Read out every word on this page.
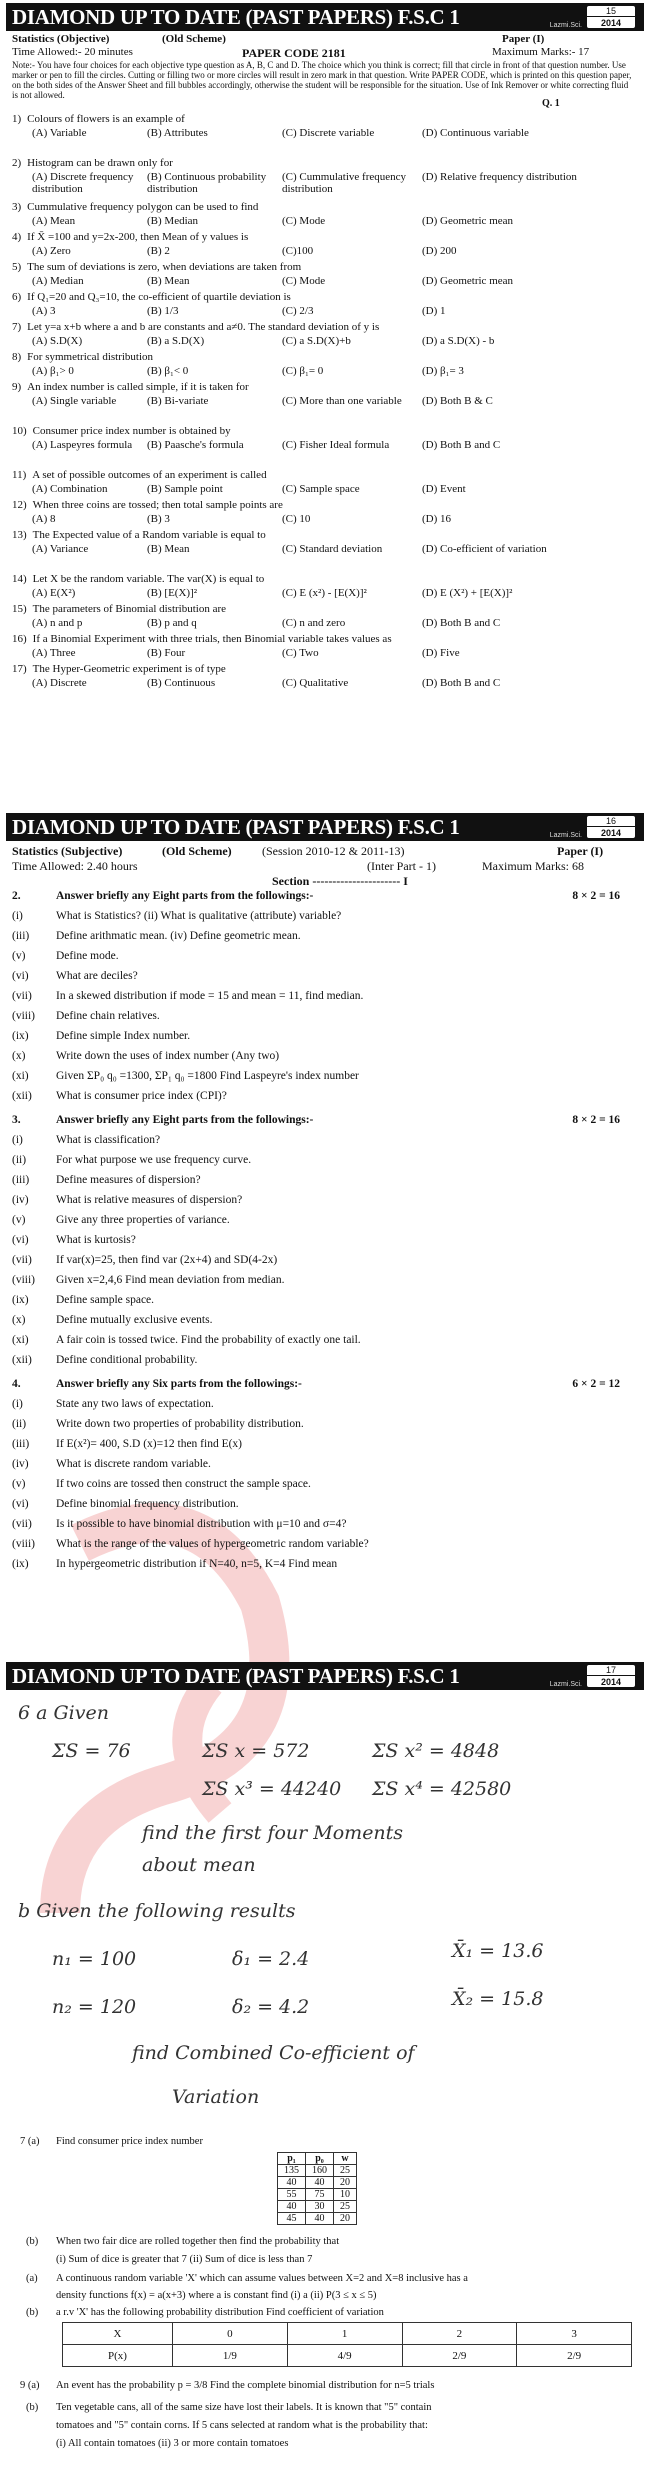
DIAMOND UP TO DATE (PAST PAPERS) F.S.C 1	Lazmi.Sci.
15
2014
Statistics (Objective)	(Old Scheme)	Paper (I)
Time Allowed:- 20 minutes	PAPER CODE 2181	Maximum Marks:- 17
Note:- You have four choices for each objective type question as A, B, C and D. The choice which you think is correct; fill that circle in front of that question number. Use marker or pen to fill the circles. Cutting or filling two or more circles will result in zero mark in that question. Write PAPER CODE, which is printed on this question paper, on the both sides of the Answer Sheet and fill bubbles accordingly, otherwise the student will be responsible for the situation. Use of Ink Remover or white correcting fluid is not allowed.
Q. 1
1) Colours of flowers is an example of
(A) Variable	(B) Attributes	(C) Discrete variable	(D) Continuous variable
2) Histogram can be drawn only for
(A) Discrete frequency distribution
(B) Continuous probability distribution
(C) Cummulative frequency distribution
(D) Relative frequency distribution
3) Cummulative frequency polygon can be used to find
(A) Mean	(B) Median	(C) Mode	(D) Geometric mean
4) If X̄ =100 and y=2x-200, then Mean of y values is
(A) Zero	(B) 2	(C)100	(D) 200
5) The sum of deviations is zero, when deviations are taken from
(A) Median	(B) Mean	(C) Mode	(D) Geometric mean
6) If Q₁=20 and Q₃=10, the co-efficient of quartile deviation is
(A) 3	(B) 1/3	(C) 2/3	(D) 1
7) Let y=a x+b where a and b are constants and a≠0. The standard deviation of y is
(A) S.D(X)	(B) a S.D(X)	(C) a S.D(X)+b	(D) a S.D(X) - b
8) For symmetrical distribution
(A) β₁> 0	(B) β₁< 0	(C) β₁= 0	(D) β₁= 3
9) An index number is called simple, if it is taken for
(A) Single variable	(B) Bi-variate	(C) More than one variable	(D) Both B & C
10) Consumer price index number is obtained by
(A) Laspeyres formula	(B) Paasche's formula	(C) Fisher Ideal formula	(D) Both B and C
11) A set of possible outcomes of an experiment is called
(A) Combination	(B) Sample point	(C) Sample space	(D) Event
12) When three coins are tossed; then total sample points are
(A) 8	(B) 3	(C) 10	(D) 16
13) The Expected value of a Random variable is equal to
(A) Variance	(B) Mean	(C) Standard deviation	(D) Co-efficient of variation
14) Let X be the random variable. The var(X) is equal to
(A) E(X²)	(B) [E(X)]²	(C) E (x²) - [E(X)]²	(D) E (X²) + [E(X)]²
15) The parameters of Binomial distribution are
(A) n and p	(B) p and q	(C) n and zero	(D) Both B and C
16) If a Binomial Experiment with three trials, then Binomial variable takes values as
(A) Three	(B) Four	(C) Two	(D) Five
17) The Hyper-Geometric experiment is of type
(A) Discrete	(B) Continuous	(C) Qualitative	(D) Both B and C
DIAMOND UP TO DATE (PAST PAPERS) F.S.C 1	Lazmi.Sci.
16
2014
Statistics (Subjective)	(Old Scheme)	(Session 2010-12 & 2011-13)	Paper (I)
Time Allowed: 2.40 hours	(Inter Part - 1)	Maximum Marks: 68
Section ---------------------- I
2.	Answer briefly any Eight parts from the followings:-	8 × 2 = 16
(i)	What is Statistics? (ii) What is qualitative (attribute) variable?
(iii)	Define arithmatic mean. (iv) Define geometric mean.
(v)	Define mode.
(vi)	What are deciles?
(vii)	In a skewed distribution if mode = 15 and mean = 11, find median.
(viii)	Define chain relatives.
(ix)	Define simple Index number.
(x)	Write down the uses of index number (Any two)
(xi)	Given ΣP₀ q₀ =1300, ΣP₁ q₀ =1800 Find Laspeyre's index number
(xii)	What is consumer price index (CPI)?
3.	Answer briefly any Eight parts from the followings:-	8 × 2 = 16
(i)	What is classification?
(ii)	For what purpose we use frequency curve.
(iii)	Define measures of dispersion?
(iv)	What is relative measures of dispersion?
(v)	Give any three properties of variance.
(vi)	What is kurtosis?
(vii)	If var(x)=25, then find var (2x+4) and SD(4-2x)
(viii)	Given x=2,4,6 Find mean deviation from median.
(ix)	Define sample space.
(x)	Define mutually exclusive events.
(xi)	A fair coin is tossed twice. Find the probability of exactly one tail.
(xii)	Define conditional probability.
4.	Answer briefly any Six parts from the followings:-	6 × 2 = 12
(i)	State any two laws of expectation.
(ii)	Write down two properties of probability distribution.
(iii)	If E(x²)= 400, S.D (x)=12 then find E(x)
(iv)	What is discrete random variable.
(v)	If two coins are tossed then construct the sample space.
(vi)	Define binomial frequency distribution.
(vii)	Is it possible to have binomial distribution with μ=10 and σ=4?
(viii)	What is the range of the values of hypergeometric random variable?
(ix)	In hypergeometric distribution if N=40, n=5, K=4 Find mean
DIAMOND UP TO DATE (PAST PAPERS) F.S.C 1	Lazmi.Sci.
17
2014
6 a Given
ΣS = 76	ΣS x = 572	ΣS x² = 4848
ΣS x³ = 44240 ΣS x⁴ = 42580
find the first four Moments
about mean
b Given the following results
n₁ = 100	δ₁ = 2.4	X̄₁ = 13.6
n₂ = 120	δ₂ = 4.2	X̄₂ = 15.8
find Combined Co-efficient of
Variation
7 (a) Find consumer price index number
p₁	p₀	w
135	160	25
40	40	20
55	75	10
40	30	25
45	40	20
(b) When two fair dice are rolled together then find the probability that
(i) Sum of dice is greater that 7 (ii) Sum of dice is less than 7
(a) A continuous random variable 'X' which can assume values between X=2 and X=8 inclusive has a
density functions f(x) = a(x+3) where a is constant find (i) a (ii) P(3 ≤ x ≤ 5)
(b) a r.v 'X' has the following probability distribution Find coefficient of variation
X	0	1	2	3
P(x)	1/9	4/9	2/9	2/9
9 (a) An event has the probability p = 3/8 Find the complete binomial distribution for n=5 trials
(b) Ten vegetable cans, all of the same size have lost their labels. It is known that "5" contain
tomatoes and "5" contain corns. If 5 cans selected at random what is the probability that:
(i) All contain tomatoes (ii) 3 or more contain tomatoes
